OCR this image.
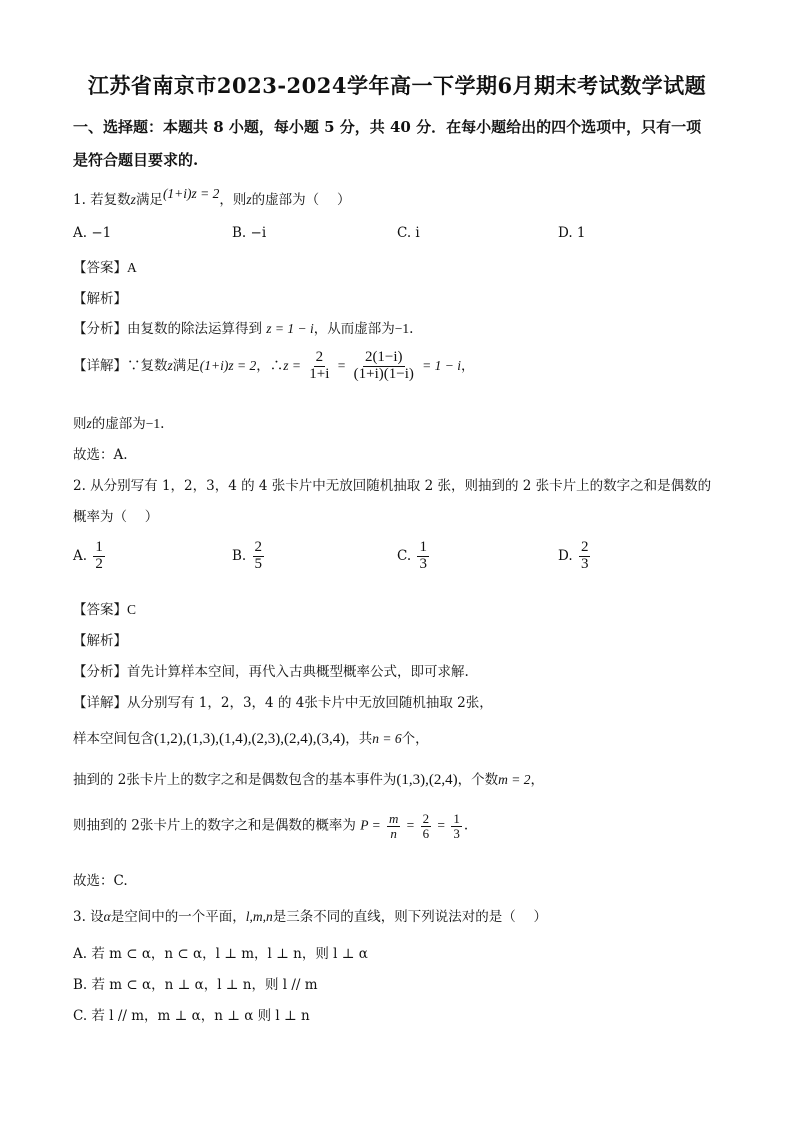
江苏省南京市2023-2024学年高一下学期6月期末考试数学试题
一、选择题：本题共 8 小题，每小题 5 分，共 40 分．在每小题给出的四个选项中，只有一项
是符合题目要求的.
1. 若复数z满足(1+i)z = 2，则z的虚部为（　 ）
A. −1	B. −i	C. i	D. 1
【答案】A
【解析】
【分析】由复数的除法运算得到 z = 1 − i，从而虚部为−1.
【详解】∵复数z满足(1+i)z = 2，∴z = $\frac{2}{1+i} = \frac{2(1-i)}{(1+i)(1-i)} = 1 - i$，
则z的虚部为−1.
故选：A.
2. 从分别写有 1，2，3，4 的 4 张卡片中无放回随机抽取 2 张，则抽到的 2 张卡片上的数字之和是偶数的
概率为（　 ）
A. $\frac{1}{2}$	B. $\frac{2}{5}$	C. $\frac{1}{3}$	D. $\frac{2}{3}$
【答案】C
【解析】
【分析】首先计算样本空间，再代入古典概型概率公式，即可求解.
【详解】从分别写有 1，2，3，4 的 4张卡片中无放回随机抽取 2张，
样本空间包含(1,2),(1,3),(1,4),(2,3),(2,4),(3,4)，共n = 6个，
抽到的 2张卡片上的数字之和是偶数包含的基本事件为(1,3),(2,4)，个数m = 2，
则抽到的 2张卡片上的数字之和是偶数的概率为 $P = \frac{m}{n} = \frac{2}{6} = \frac{1}{3}$ .
故选：C.
3. 设α是空间中的一个平面，l,m,n是三条不同的直线，则下列说法对的是（　 ）
A. 若 m ⊂ α，n ⊂ α，l ⊥ m，l ⊥ n，则 l ⊥ α
B. 若 m ⊂ α，n ⊥ α，l ⊥ n，则 l // m
C. 若 l // m，m ⊥ α，n ⊥ α 则 l ⊥ n
